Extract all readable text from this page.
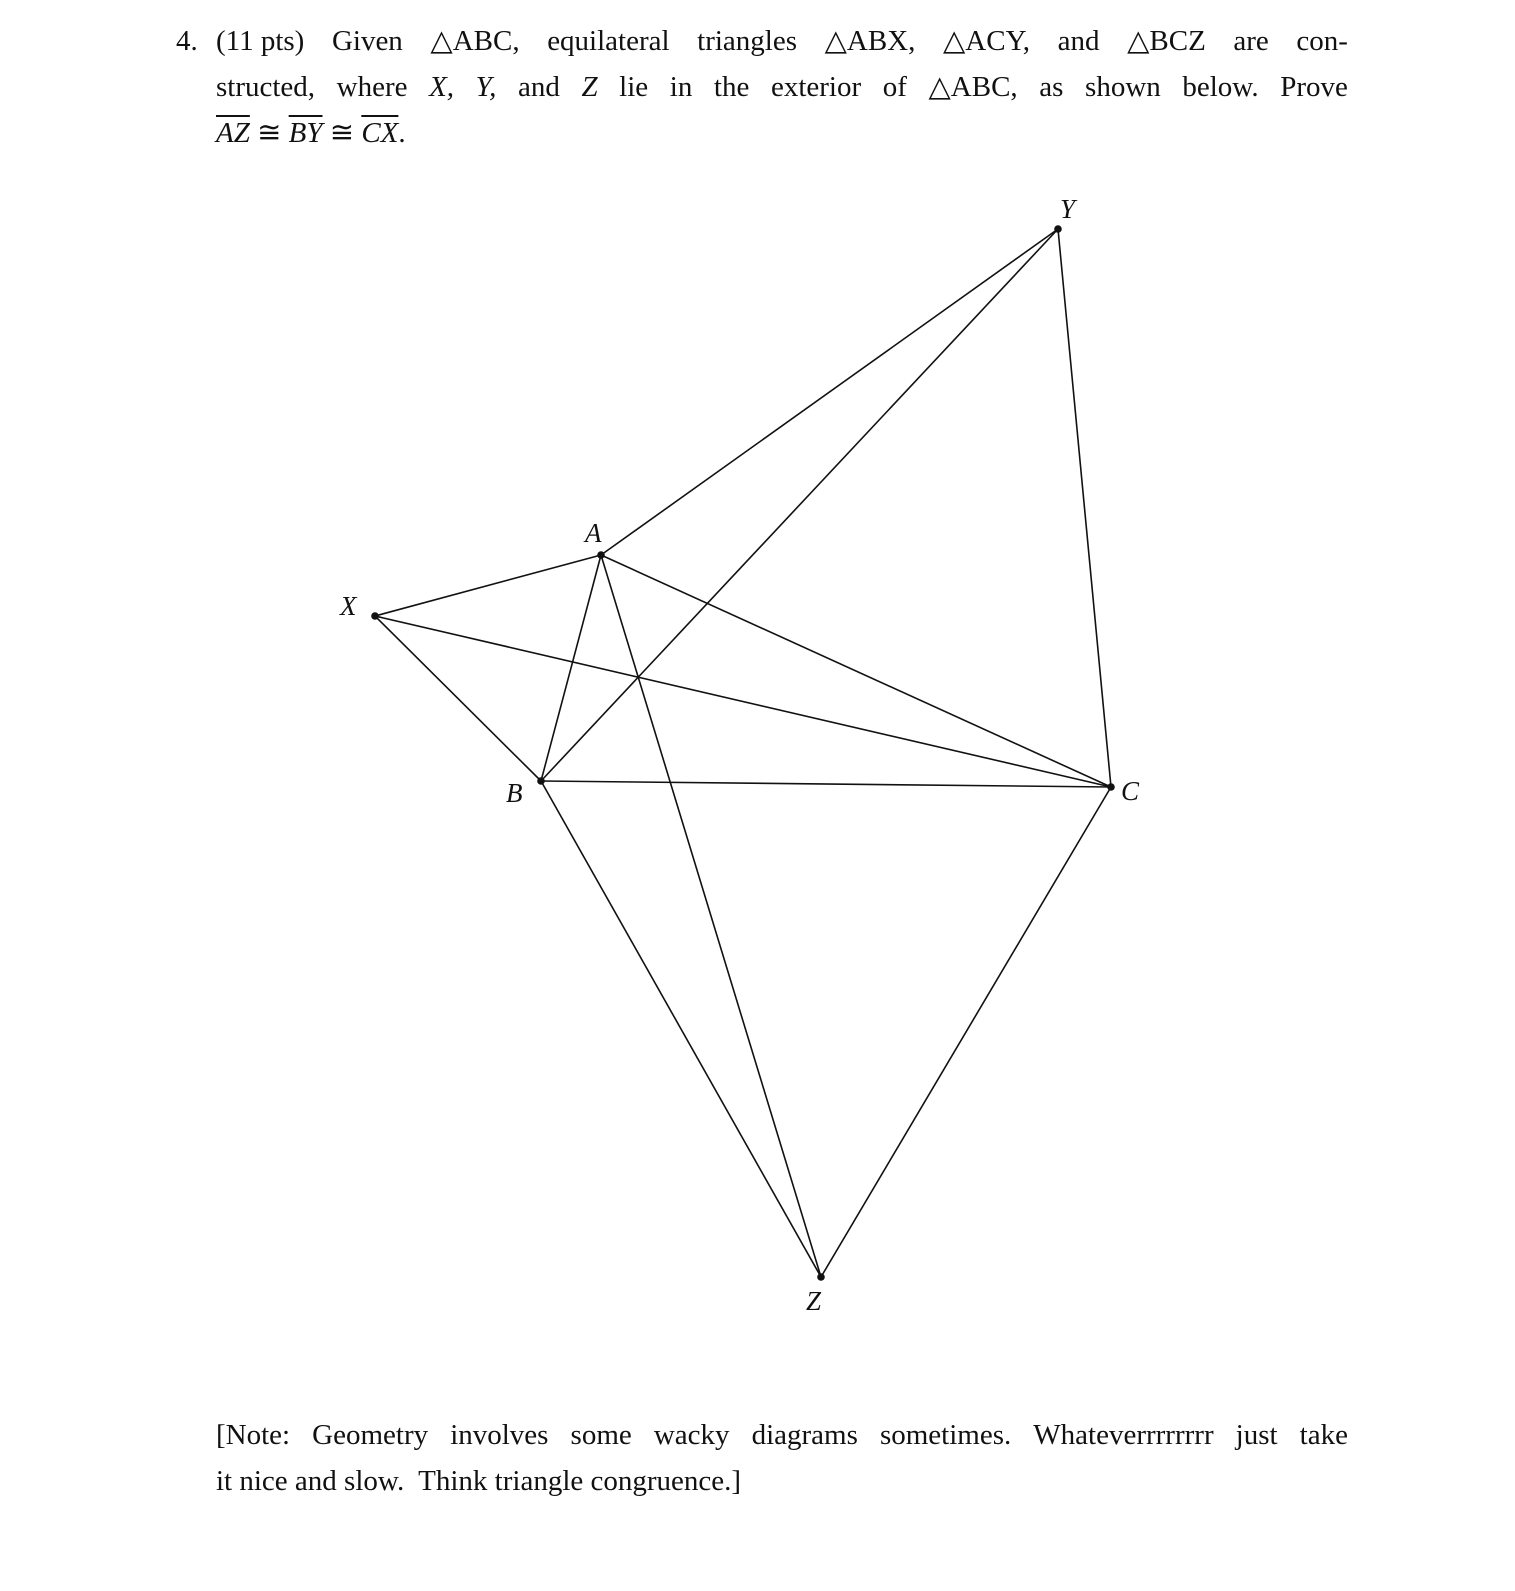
4. (11 pts) Given △ABC, equilateral triangles △ABX, △ACY, and △BCZ are con-
structed, where X, Y, and Z lie in the exterior of △ABC, as shown below. Prove
$\overline{AZ}$ ≅ $\overline{BY}$ ≅ $\overline{CX}$.
A
B	C
X
Y
Z
[Note: Geometry involves some wacky diagrams sometimes. Whateverrrrrrrr just take
it nice and slow.  Think triangle congruence.]
